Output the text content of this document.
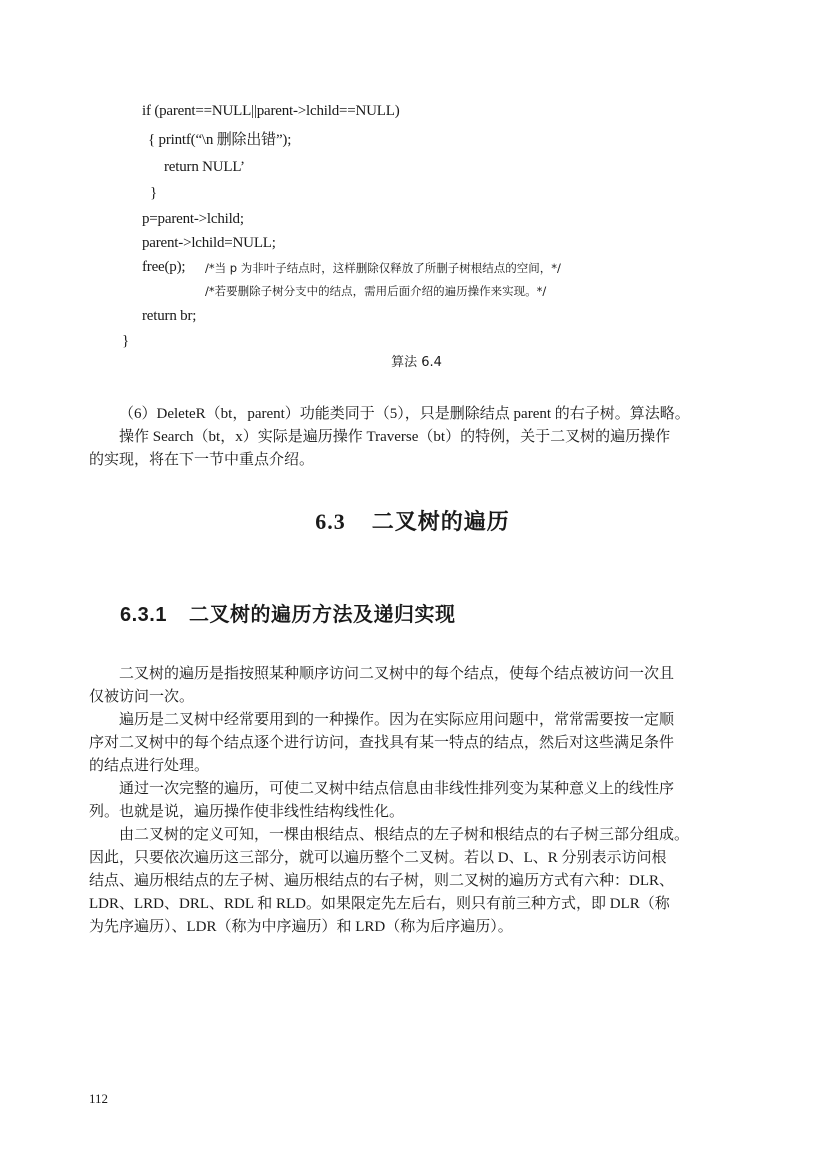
if (parent==NULL||parent->lchild==NULL)
{ printf(“\n 删除出错”);
return NULL’
}
p=parent->lchild;
parent->lchild=NULL;
free(p); /*当 p 为非叶子结点时，这样删除仅释放了所删子树根结点的空间，*/
/*若要删除子树分支中的结点，需用后面介绍的遍历操作来实现。*/
return br;
}
算法 6.4
（6）DeleteR（bt，parent）功能类同于（5），只是删除结点 parent 的右子树。算法略。
操作 Search（bt，x）实际是遍历操作 Traverse（bt）的特例，关于二叉树的遍历操作
的实现，将在下一节中重点介绍。
6.3 二叉树的遍历
6.3.1 二叉树的遍历方法及递归实现
二叉树的遍历是指按照某种顺序访问二叉树中的每个结点，使每个结点被访问一次且
仅被访问一次。
遍历是二叉树中经常要用到的一种操作。因为在实际应用问题中，常常需要按一定顺
序对二叉树中的每个结点逐个进行访问，查找具有某一特点的结点，然后对这些满足条件
的结点进行处理。
通过一次完整的遍历，可使二叉树中结点信息由非线性排列变为某种意义上的线性序
列。也就是说，遍历操作使非线性结构线性化。
由二叉树的定义可知，一棵由根结点、根结点的左子树和根结点的右子树三部分组成。
因此，只要依次遍历这三部分，就可以遍历整个二叉树。若以 D、L、R 分别表示访问根
结点、遍历根结点的左子树、遍历根结点的右子树，则二叉树的遍历方式有六种：DLR、
LDR、LRD、DRL、RDL 和 RLD。如果限定先左后右，则只有前三种方式，即 DLR（称
为先序遍历）、LDR（称为中序遍历）和 LRD（称为后序遍历）。
112
